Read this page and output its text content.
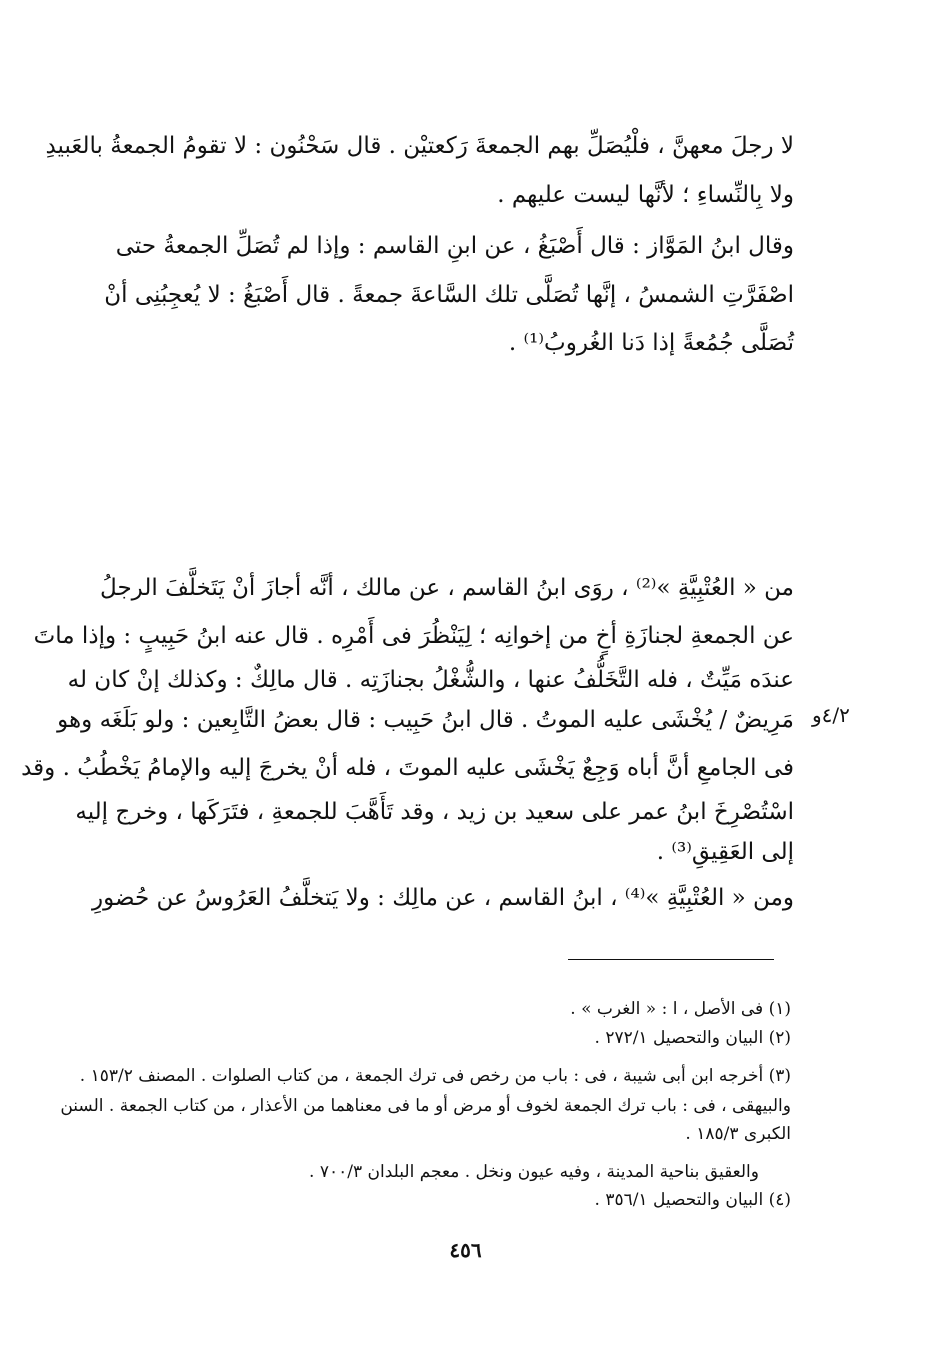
لا رجلَ معهنَّ ، فلْيُصَلِّ بهم الجمعةَ رَكعتيْن . قال سَحْنُون : لا تقومُ الجمعةُ بالعَبيدِ
ولا بِالنِّساءِ ؛ لأنَّها ليست عليهم .
وقال ابنُ المَوَّاز : قال أَصْبَغُ ، عن ابنِ القاسم : وإذا لم تُصَلِّ الجمعةُ حتى
اصْفَرَّتِ الشمسُ ، إنَّها تُصَلَّى تلك السَّاعةَ جمعةً . قال أَصْبَغُ : لا يُعجِبُنِى أنْ
تُصَلَّى جُمُعةً إذا دَنا الغُروبُ⁽¹⁾ .
من « العُتْبِيَّةِ »⁽²⁾ ، روَى ابنُ القاسم ، عن مالك ، أنَّه أجازَ أنْ يَتَخلَّفَ الرجلُ
عن الجمعةِ لجنازَةِ أخٍ من إخوانِه ؛ لِيَنْظُرَ فى أَمْرِه . قال عنه ابنُ حَبِيبٍ : وإذا ماتَ
عندَه مَيِّتٌ ، فله التَّخَلُّفُ عنها ، والشُّغْلُ بجنازَتِه . قال مالِكٌ : وكذلك إنْ كان له
مَرِيضٌ / يُخْشَى عليه الموتُ . قال ابنُ حَبِيب : قال بعضُ التَّابِعين : ولو بَلَغَه وهو
فى الجامعِ أنَّ أباه وَجِعٌ يَخْشَى عليه الموتَ ، فله أنْ يخرجَ إليه والإمامُ يَخْطُبُ . وقد
اسْتُصْرِخَ ابنُ عمر على سعيد بن زيد ، وقد تَأَهَّبَ للجمعةِ ، فتَرَكَها ، وخرج إليه
إلى العَقِيقِ⁽³⁾ .
ومن « العُتْبِيَّةِ »⁽⁴⁾ ، ابنُ القاسم ، عن مالِك : ولا يَتخلَّفُ العَرُوسُ عن حُضورِ
٤/٢و
(١) فى الأصل ، ا : « الغرب » .
(٢) البيان والتحصيل ٢٧٢/١ .
(٣) أخرجه ابن أبى شيبة ، فى : باب من رخص فى ترك الجمعة ، من كتاب الصلوات . المصنف ١٥٣/٢ .
والبيهقى ، فى : باب ترك الجمعة لخوف أو مرض أو ما فى معناهما من الأعذار ، من كتاب الجمعة . السنن
الكبرى ١٨٥/٣ .
والعقيق بناحية المدينة ، وفيه عيون ونخل . معجم البلدان ٧٠٠/٣ .
(٤) البيان والتحصيل ٣٥٦/١ .
٤٥٦
